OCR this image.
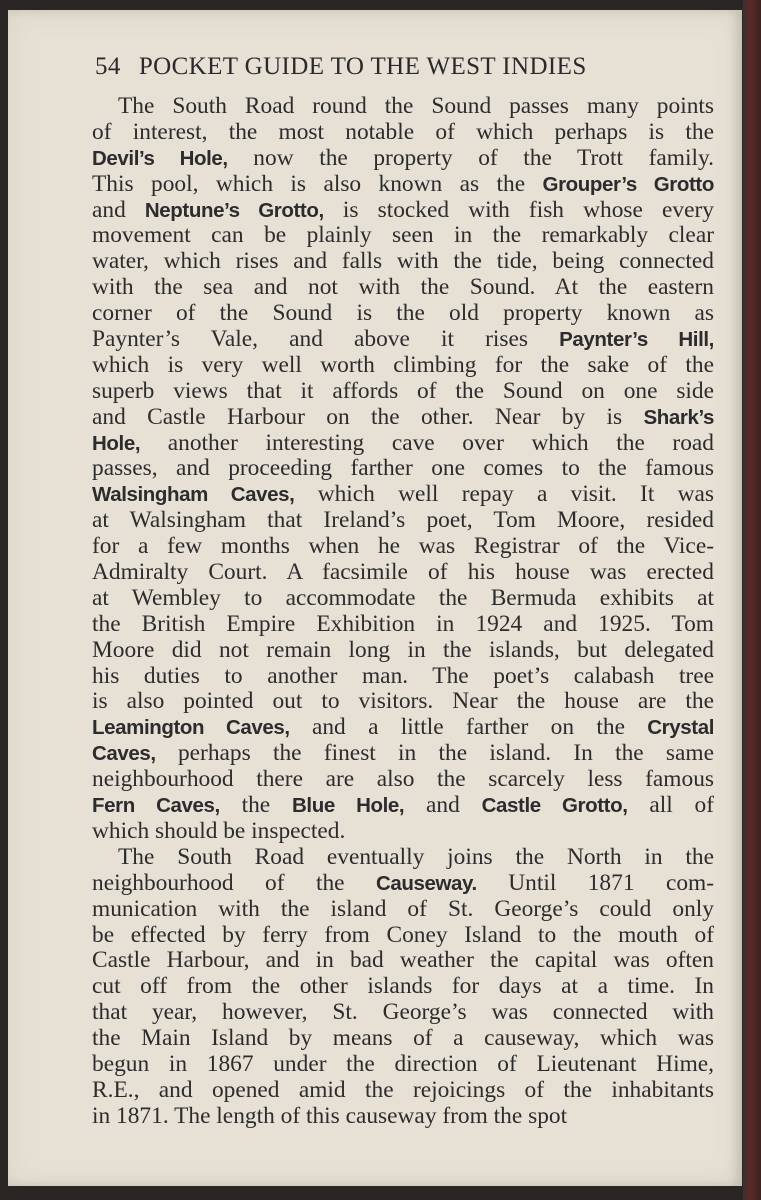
54 POCKET GUIDE TO THE WEST INDIES
The South Road round the Sound passes many points
of interest, the most notable of which perhaps is the
Devil’s Hole, now the property of the Trott family.
This pool, which is also known as the Grouper’s Grotto
and Neptune’s Grotto, is stocked with fish whose every
movement can be plainly seen in the remarkably clear
water, which rises and falls with the tide, being connected
with the sea and not with the Sound. At the eastern
corner of the Sound is the old property known as
Paynter’s Vale, and above it rises Paynter’s Hill,
which is very well worth climbing for the sake of the
superb views that it affords of the Sound on one side
and Castle Harbour on the other. Near by is Shark’s
Hole, another interesting cave over which the road
passes, and proceeding farther one comes to the famous
Walsingham Caves, which well repay a visit. It was
at Walsingham that Ireland’s poet, Tom Moore, resided
for a few months when he was Registrar of the Vice-
Admiralty Court. A facsimile of his house was erected
at Wembley to accommodate the Bermuda exhibits at
the British Empire Exhibition in 1924 and 1925. Tom
Moore did not remain long in the islands, but delegated
his duties to another man. The poet’s calabash tree
is also pointed out to visitors. Near the house are the
Leamington Caves, and a little farther on the Crystal
Caves, perhaps the finest in the island. In the same
neighbourhood there are also the scarcely less famous
Fern Caves, the Blue Hole, and Castle Grotto, all of
which should be inspected.
The South Road eventually joins the North in the
neighbourhood of the Causeway. Until 1871 com-
munication with the island of St. George’s could only
be effected by ferry from Coney Island to the mouth of
Castle Harbour, and in bad weather the capital was often
cut off from the other islands for days at a time. In
that year, however, St. George’s was connected with
the Main Island by means of a causeway, which was
begun in 1867 under the direction of Lieutenant Hime,
R.E., and opened amid the rejoicings of the inhabitants
in 1871. The length of this causeway from the spot
